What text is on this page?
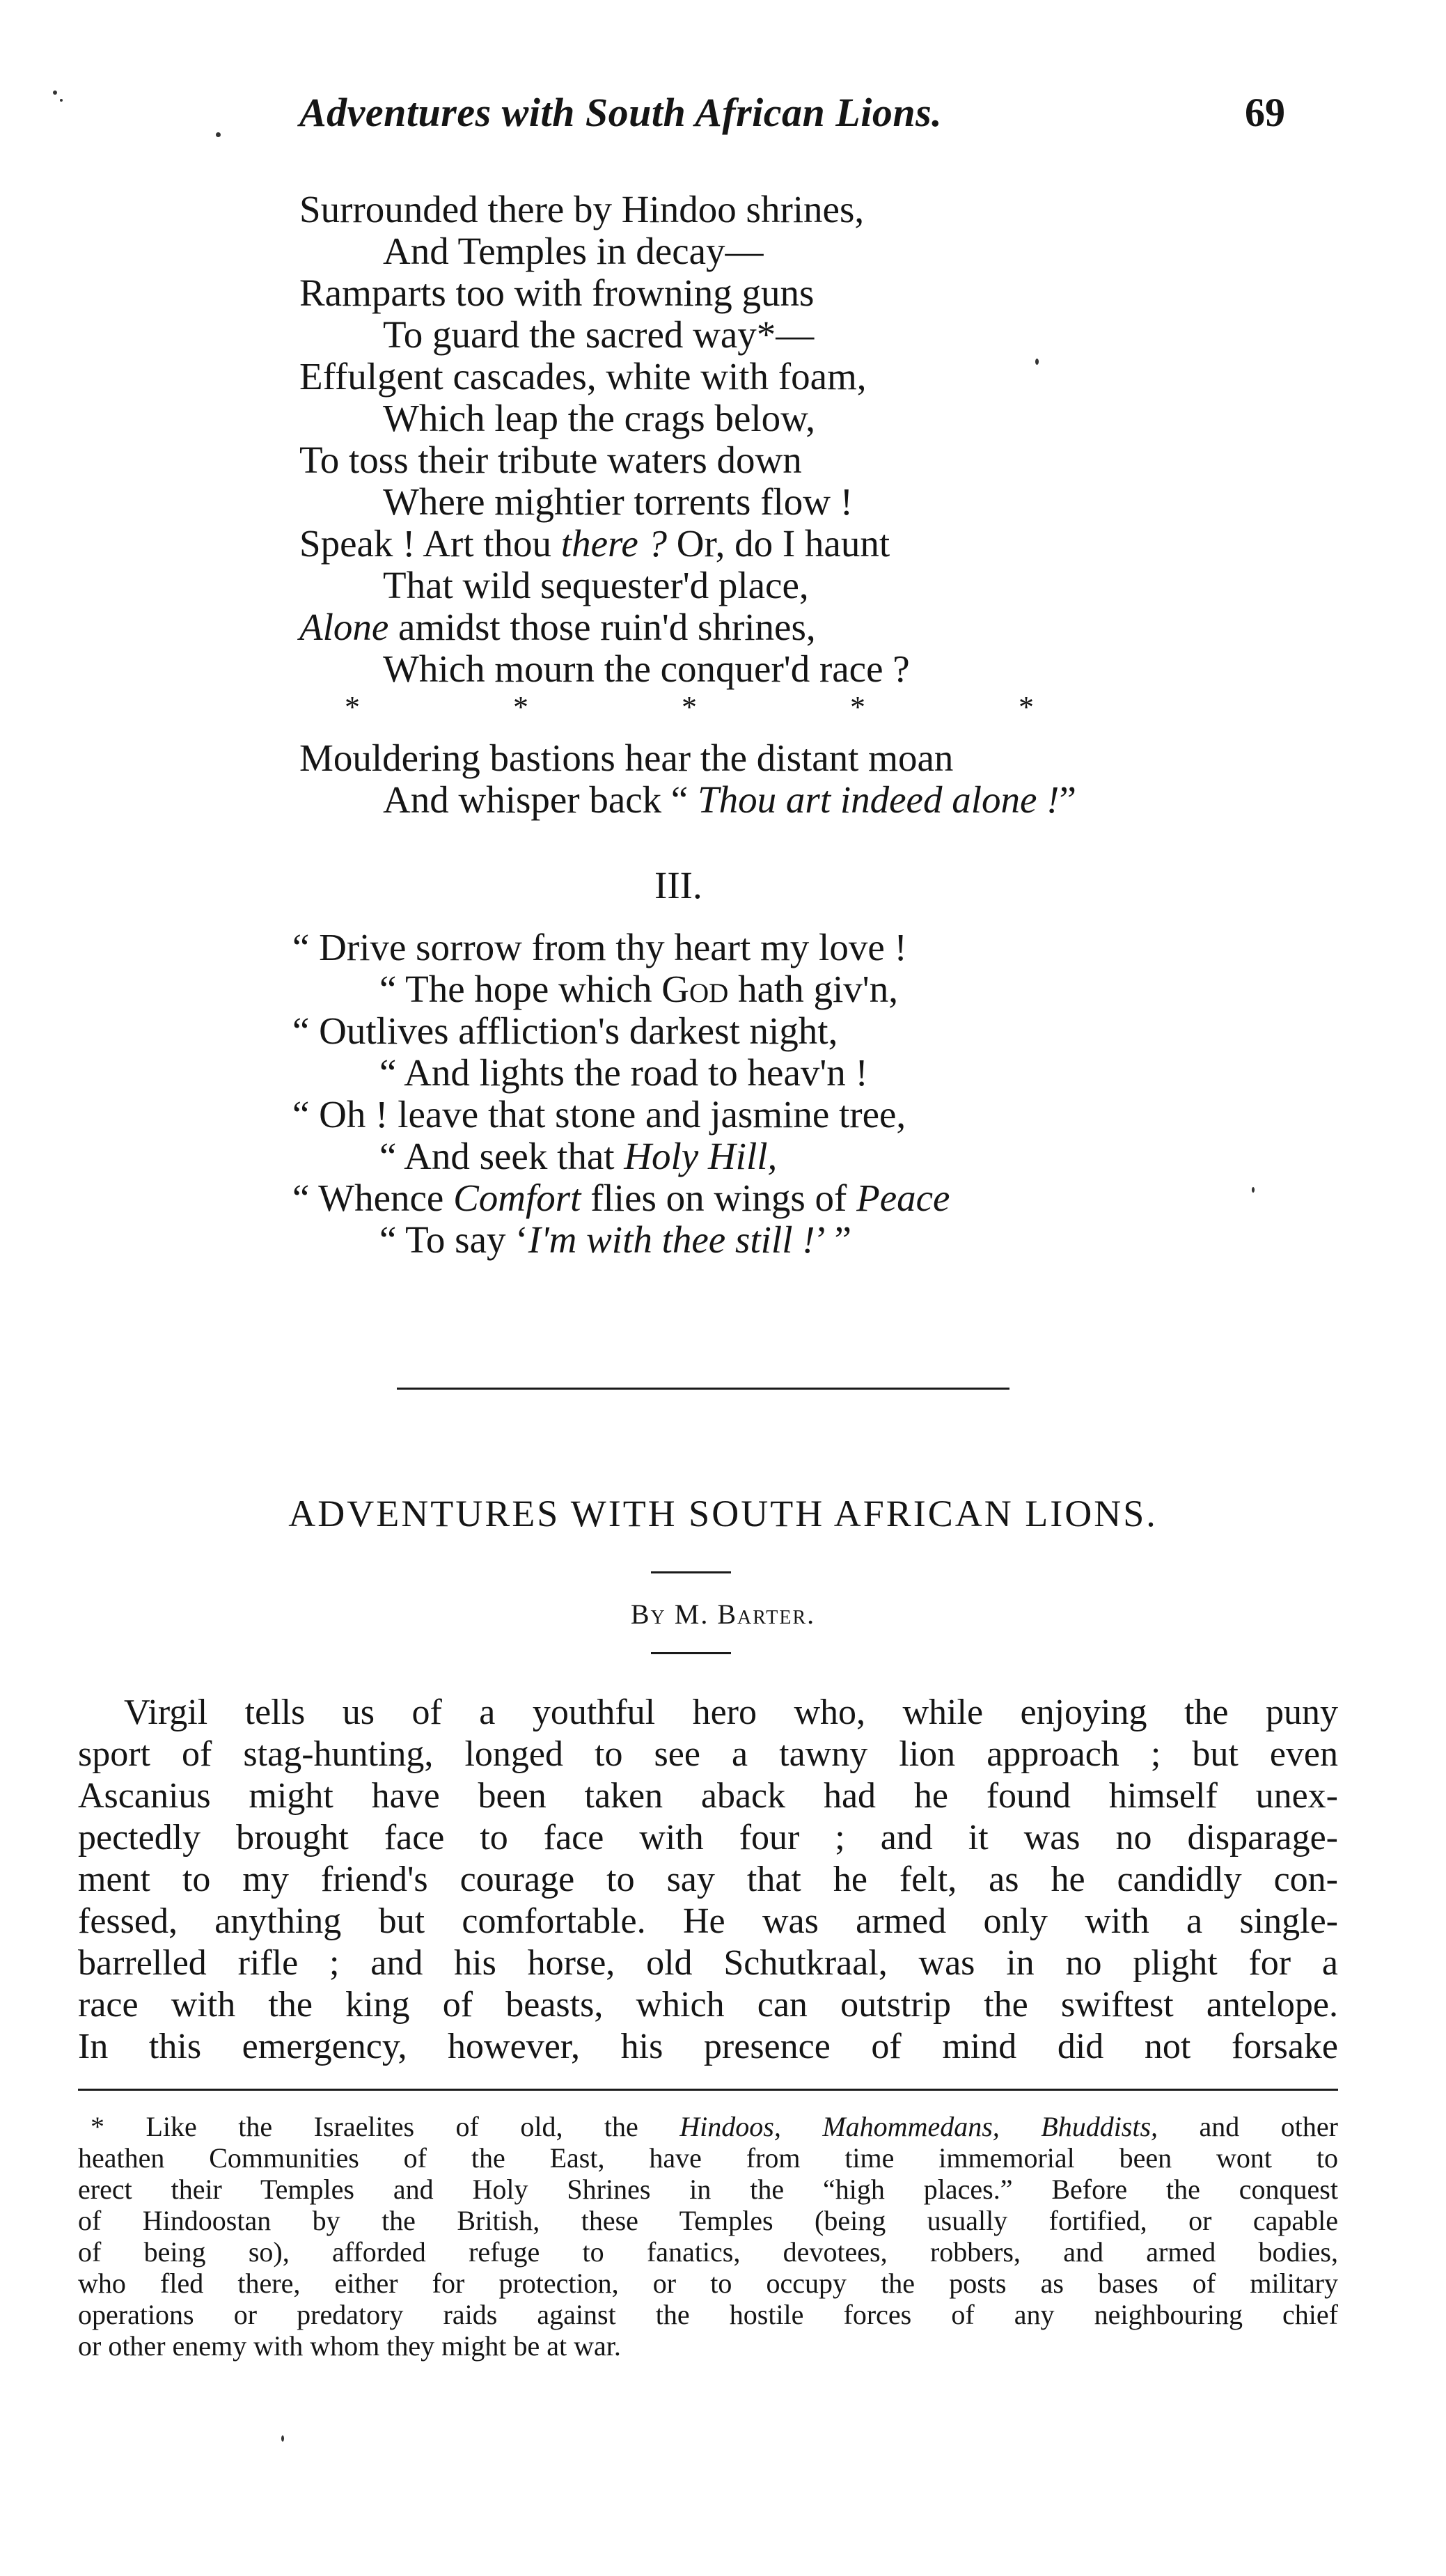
Adventures with South African Lions.	69
Surrounded there by Hindoo shrines,
And Temples in decay—
Ramparts too with frowning guns
To guard the sacred way*—
Effulgent cascades, white with foam,
Which leap the crags below,
To toss their tribute waters down
Where mightier torrents flow !
Speak ! Art thou there ? Or, do I haunt
That wild sequester'd place,
Alone amidst those ruin'd shrines,
Which mourn the conquer'd race ?
*	*	*	*	*
Mouldering bastions hear the distant moan
And whisper back “ Thou art indeed alone !”
III.
“ Drive sorrow from thy heart my love !
“ The hope which God hath giv'n,
“ Outlives affliction's darkest night,
“ And lights the road to heav'n !
“ Oh ! leave that stone and jasmine tree,
“ And seek that Holy Hill,
“ Whence Comfort flies on wings of Peace
“ To say ‘I'm with thee still !’ ”
ADVENTURES WITH SOUTH AFRICAN LIONS.
By M. Barter.
Virgil tells us of a youthful hero who, while enjoying the puny
sport of stag-hunting, longed to see a tawny lion approach ; but even
Ascanius might have been taken aback had he found himself unex-
pectedly brought face to face with four ; and it was no disparage-
ment to my friend's courage to say that he felt, as he candidly con-
fessed, anything but comfortable. He was armed only with a single-
barrelled rifle ; and his horse, old Schutkraal, was in no plight for a
race with the king of beasts, which can outstrip the swiftest antelope.
In this emergency, however, his presence of mind did not forsake
* Like the Israelites of old, the Hindoos, Mahommedans, Bhuddists, and other
heathen Communities of the East, have from time immemorial been wont to
erect their Temples and Holy Shrines in the “high places.” Before the conquest
of Hindoostan by the British, these Temples (being usually fortified, or capable
of being so), afforded refuge to fanatics, devotees, robbers, and armed bodies,
who fled there, either for protection, or to occupy the posts as bases of military
operations or predatory raids against the hostile forces of any neighbouring chief
or other enemy with whom they might be at war.
